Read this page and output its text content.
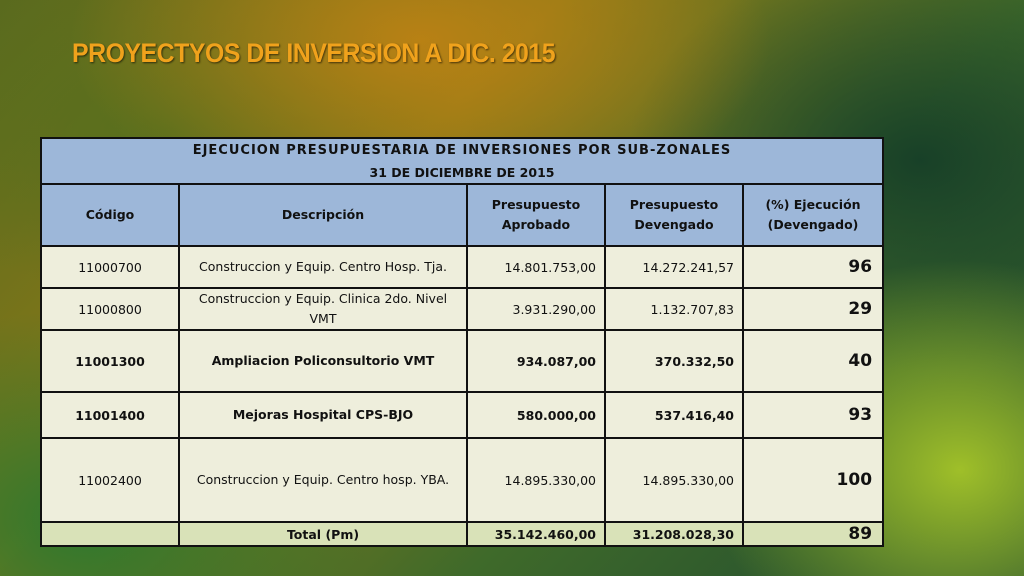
PROYECTYOS DE INVERSION A DIC. 2015
EJECUCION PRESUPUESTARIA DE INVERSIONES POR SUB-ZONALES				
31 DE DICIEMBRE DE 2015				
Código	Descripción	Presupuesto Aprobado	Presupuesto Devengado	(%) Ejecución (Devengado)
11000700	Construccion y Equip. Centro Hosp. Tja.	14.801.753,00	14.272.241,57	96
11000800	Construccion y Equip. Clinica 2do. Nivel VMT	3.931.290,00	1.132.707,83	29
11001300	Ampliacion Policonsultorio VMT	934.087,00	370.332,50	40
11001400	Mejoras Hospital CPS-BJO	580.000,00	537.416,40	93
11002400	Construccion y Equip. Centro hosp. YBA.	14.895.330,00	14.895.330,00	100
	Total (Pm)	35.142.460,00	31.208.028,30	89
